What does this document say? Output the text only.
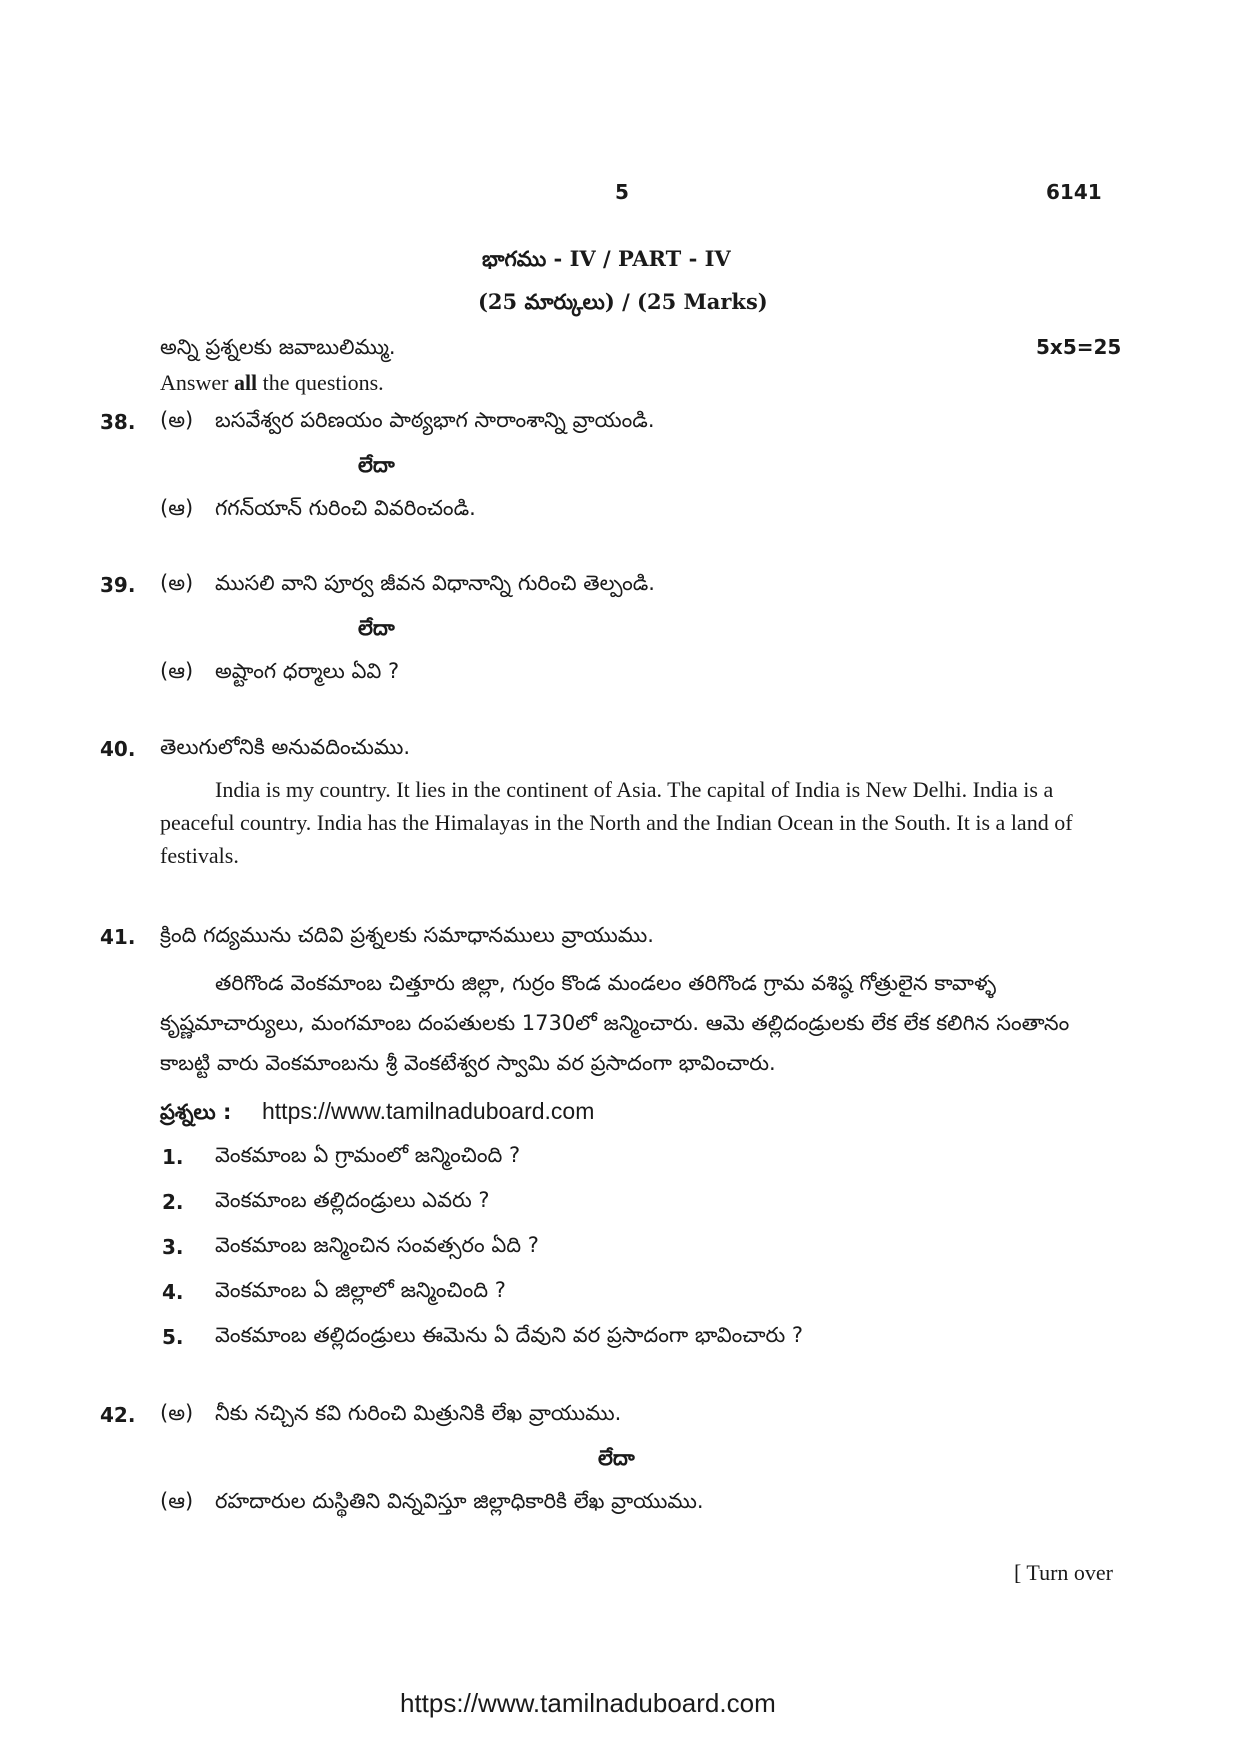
5	6141
భాగము - IV / PART - IV
(25 మార్కులు) / (25 Marks)
అన్ని ప్రశ్నలకు జవాబులిమ్ము.	5x5=25
Answer all the questions.
38. (అ) బసవేశ్వర పరిణయం పాఠ్యభాగ సారాంశాన్ని వ్రాయండి.
లేదా
(ఆ) గగన్‌యాన్ గురించి వివరించండి.
39. (అ) ముసలి వాని పూర్వ జీవన విధానాన్ని గురించి తెల్పండి.
లేదా
(ఆ) అష్టాంగ ధర్మాలు ఏవి ?
40. తెలుగులోనికి అనువదించుము.
India is my country. It lies in the continent of Asia. The capital of India is New Delhi. India is a peaceful country. India has the Himalayas in the North and the Indian Ocean in the South. It is a land of festivals.
41. క్రింది గద్యమును చదివి ప్రశ్నలకు సమాధానములు వ్రాయుము.
తరిగొండ వెంకమాంబ చిత్తూరు జిల్లా, గుర్రం కొండ మండలం తరిగొండ గ్రామ వశిష్ఠ గోత్రులైన కావాళ్ళ కృష్ణమాచార్యులు, మంగమాంబ దంపతులకు 1730లో జన్మించారు. ఆమె తల్లిదండ్రులకు లేక లేక కలిగిన సంతానం కాబట్టి వారు వెంకమాంబను శ్రీ వెంకటేశ్వర స్వామి వర ప్రసాదంగా భావించారు.
ప్రశ్నలు : https://www.tamilnaduboard.com
1. వెంకమాంబ ఏ గ్రామంలో జన్మించింది ?
2. వెంకమాంబ తల్లిదండ్రులు ఎవరు ?
3. వెంకమాంబ జన్మించిన సంవత్సరం ఏది ?
4. వెంకమాంబ ఏ జిల్లాలో జన్మించింది ?
5. వెంకమాంబ తల్లిదండ్రులు ఈమెను ఏ దేవుని వర ప్రసాదంగా భావించారు ?
42. (అ) నీకు నచ్చిన కవి గురించి మిత్రునికి లేఖ వ్రాయుము.
లేదా
(ఆ) రహదారుల దుస్థితిని విన్నవిస్తూ జిల్లాధికారికి లేఖ వ్రాయుము.
[ Turn over
https://www.tamilnaduboard.com
